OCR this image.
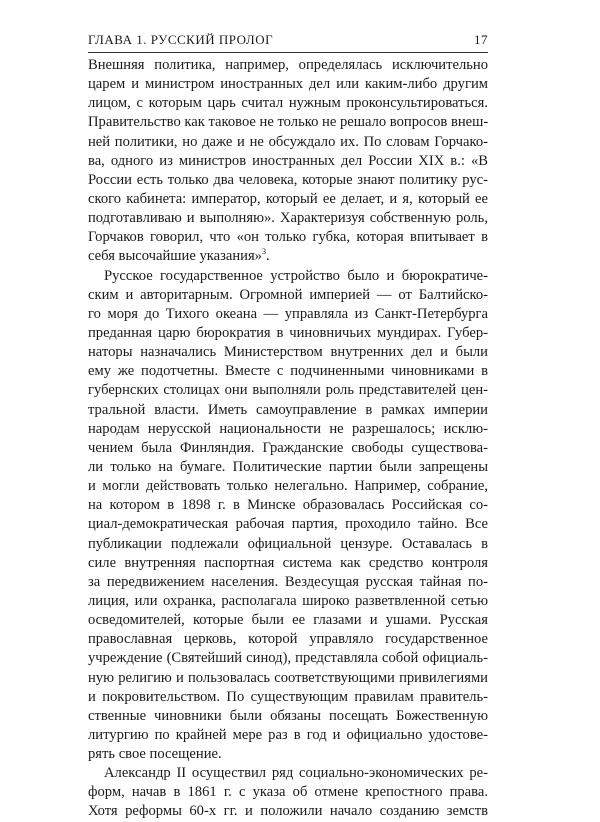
ГЛАВА 1. РУССКИЙ ПРОЛОГ	17
Внешняя политика, например, определялась исключительно
царем и министром иностранных дел или каким-либо другим
лицом, с которым царь считал нужным проконсультироваться.
Правительство как таковое не только не решало вопросов внеш-
ней политики, но даже и не обсуждало их. По словам Горчако-
ва, одного из министров иностранных дел России XIX в.: «В
России есть только два человека, которые знают политику рус-
ского кабинета: император, который ее делает, и я, который ее
подготавливаю и выполняю». Характеризуя собственную роль,
Горчаков говорил, что «он только губка, которая впитывает в
себя высочайшие указания»$^3$.
Русское государственное устройство было и бюрократиче-
ским и авторитарным. Огромной империей — от Балтийско-
го моря до Тихого океана — управляла из Санкт-Петербурга
преданная царю бюрократия в чиновничьих мундирах. Губер-
наторы назначались Министерством внутренних дел и были
ему же подотчетны. Вместе с подчиненными чиновниками в
губернских столицах они выполняли роль представителей цен-
тральной власти. Иметь самоуправление в рамках империи
народам нерусской национальности не разрешалось; исклю-
чением была Финляндия. Гражданские свободы существова-
ли только на бумаге. Политические партии были запрещены
и могли действовать только нелегально. Например, собрание,
на котором в 1898 г. в Минске образовалась Российская со-
циал-демократическая рабочая партия, проходило тайно. Все
публикации подлежали официальной цензуре. Оставалась в
силе внутренняя паспортная система как средство контроля
за передвижением населения. Вездесущая русская тайная по-
лиция, или охранка, располагала широко разветвленной сетью
осведомителей, которые были ее глазами и ушами. Русская
православная церковь, которой управляло государственное
учреждение (Святейший синод), представляла собой официаль-
ную религию и пользовалась соответствующими привилегиями
и покровительством. По существующим правилам правитель-
ственные чиновники были обязаны посещать Божественную
литургию по крайней мере раз в год и официально удостове-
рять свое посещение.
Александр II осуществил ряд социально-экономических ре-
форм, начав в 1861 г. с указа об отмене крепостного права.
Хотя реформы 60-х гг. и положили начало созданию земств
